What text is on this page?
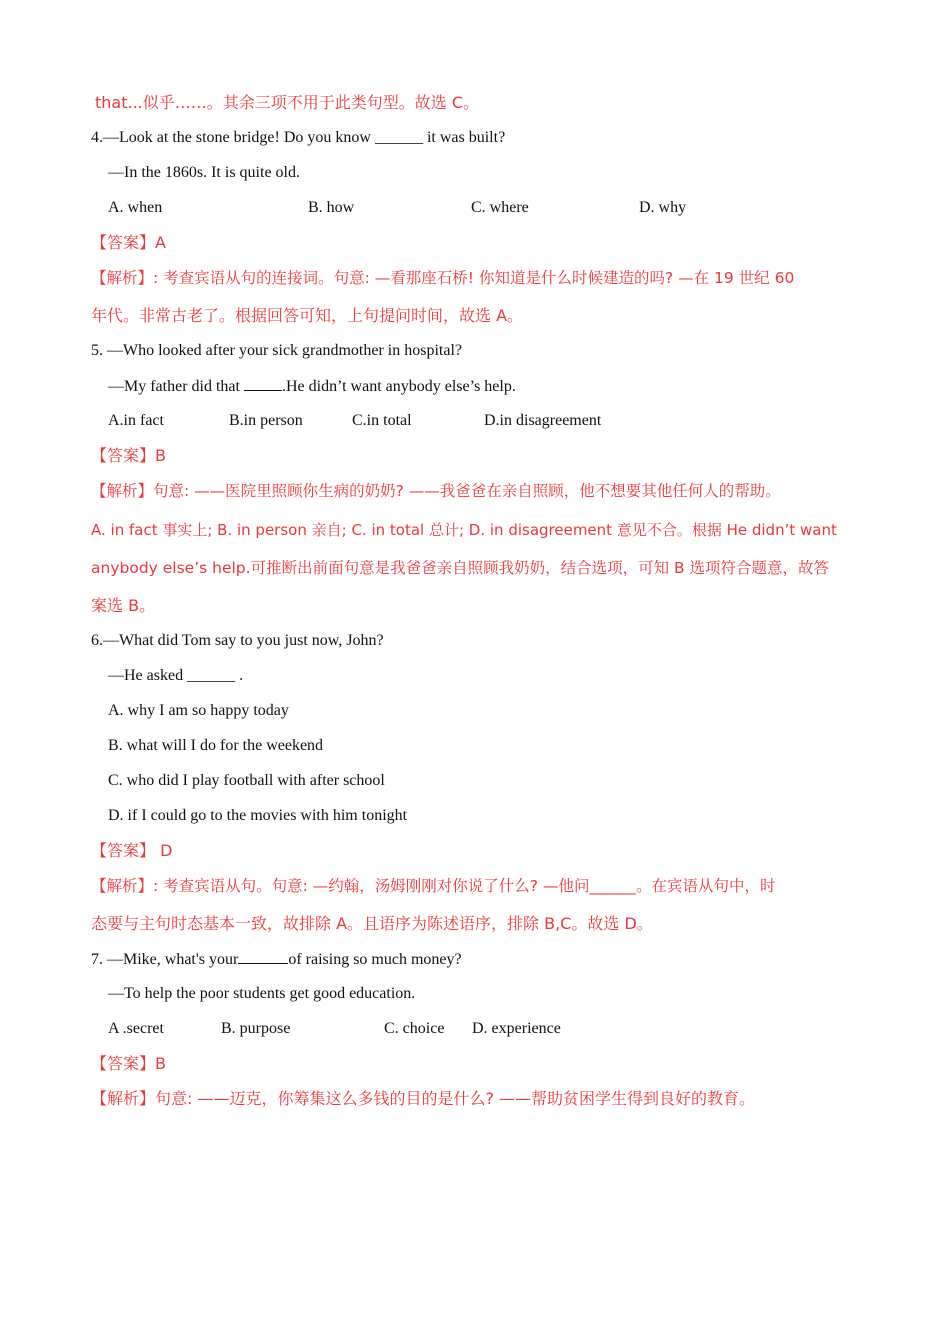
that...似乎……。其余三项不用于此类句型。故选 C。
4.—Look at the stone bridge! Do you know ______ it was built?
—In the 1860s. It is quite old.
A. when	B. how	C. where	D. why
【答案】A
【解析】: 考查宾语从句的连接词。句意: —看那座石桥! 你知道是什么时候建造的吗? —在 19 世纪 60
年代。非常古老了。根据回答可知，上句提问时间，故选 A。
5. —Who looked after your sick grandmother in hospital?
—My father did that .He didn’t want anybody else’s help.
A.in fact	B.in person	C.in total	D.in disagreement
【答案】B
【解析】句意: ——医院里照顾你生病的奶奶? ——我爸爸在亲自照顾，他不想要其他任何人的帮助。
A. in fact 事实上; B. in person 亲自; C. in total 总计; D. in disagreement 意见不合。根据 He didn’t want
anybody else’s help.可推断出前面句意是我爸爸亲自照顾我奶奶，结合选项，可知 B 选项符合题意，故答
案选 B。
6.—What did Tom say to you just now, John?
—He asked ______ .
A. why I am so happy today
B. what will I do for the weekend
C. who did I play football with after school
D. if I could go to the movies with him tonight
【答案】 D
【解析】: 考查宾语从句。句意: —约翰，汤姆刚刚对你说了什么? —他问______。在宾语从句中，时
态要与主句时态基本一致，故排除 A。且语序为陈述语序，排除 B,C。故选 D。
7. —Mike, what's your	of raising so much money?
—To help the poor students get good education.
A .secret	B. purpose	C. choice D. experience
【答案】B
【解析】句意: ——迈克，你筹集这么多钱的目的是什么? ——帮助贫困学生得到良好的教育。
